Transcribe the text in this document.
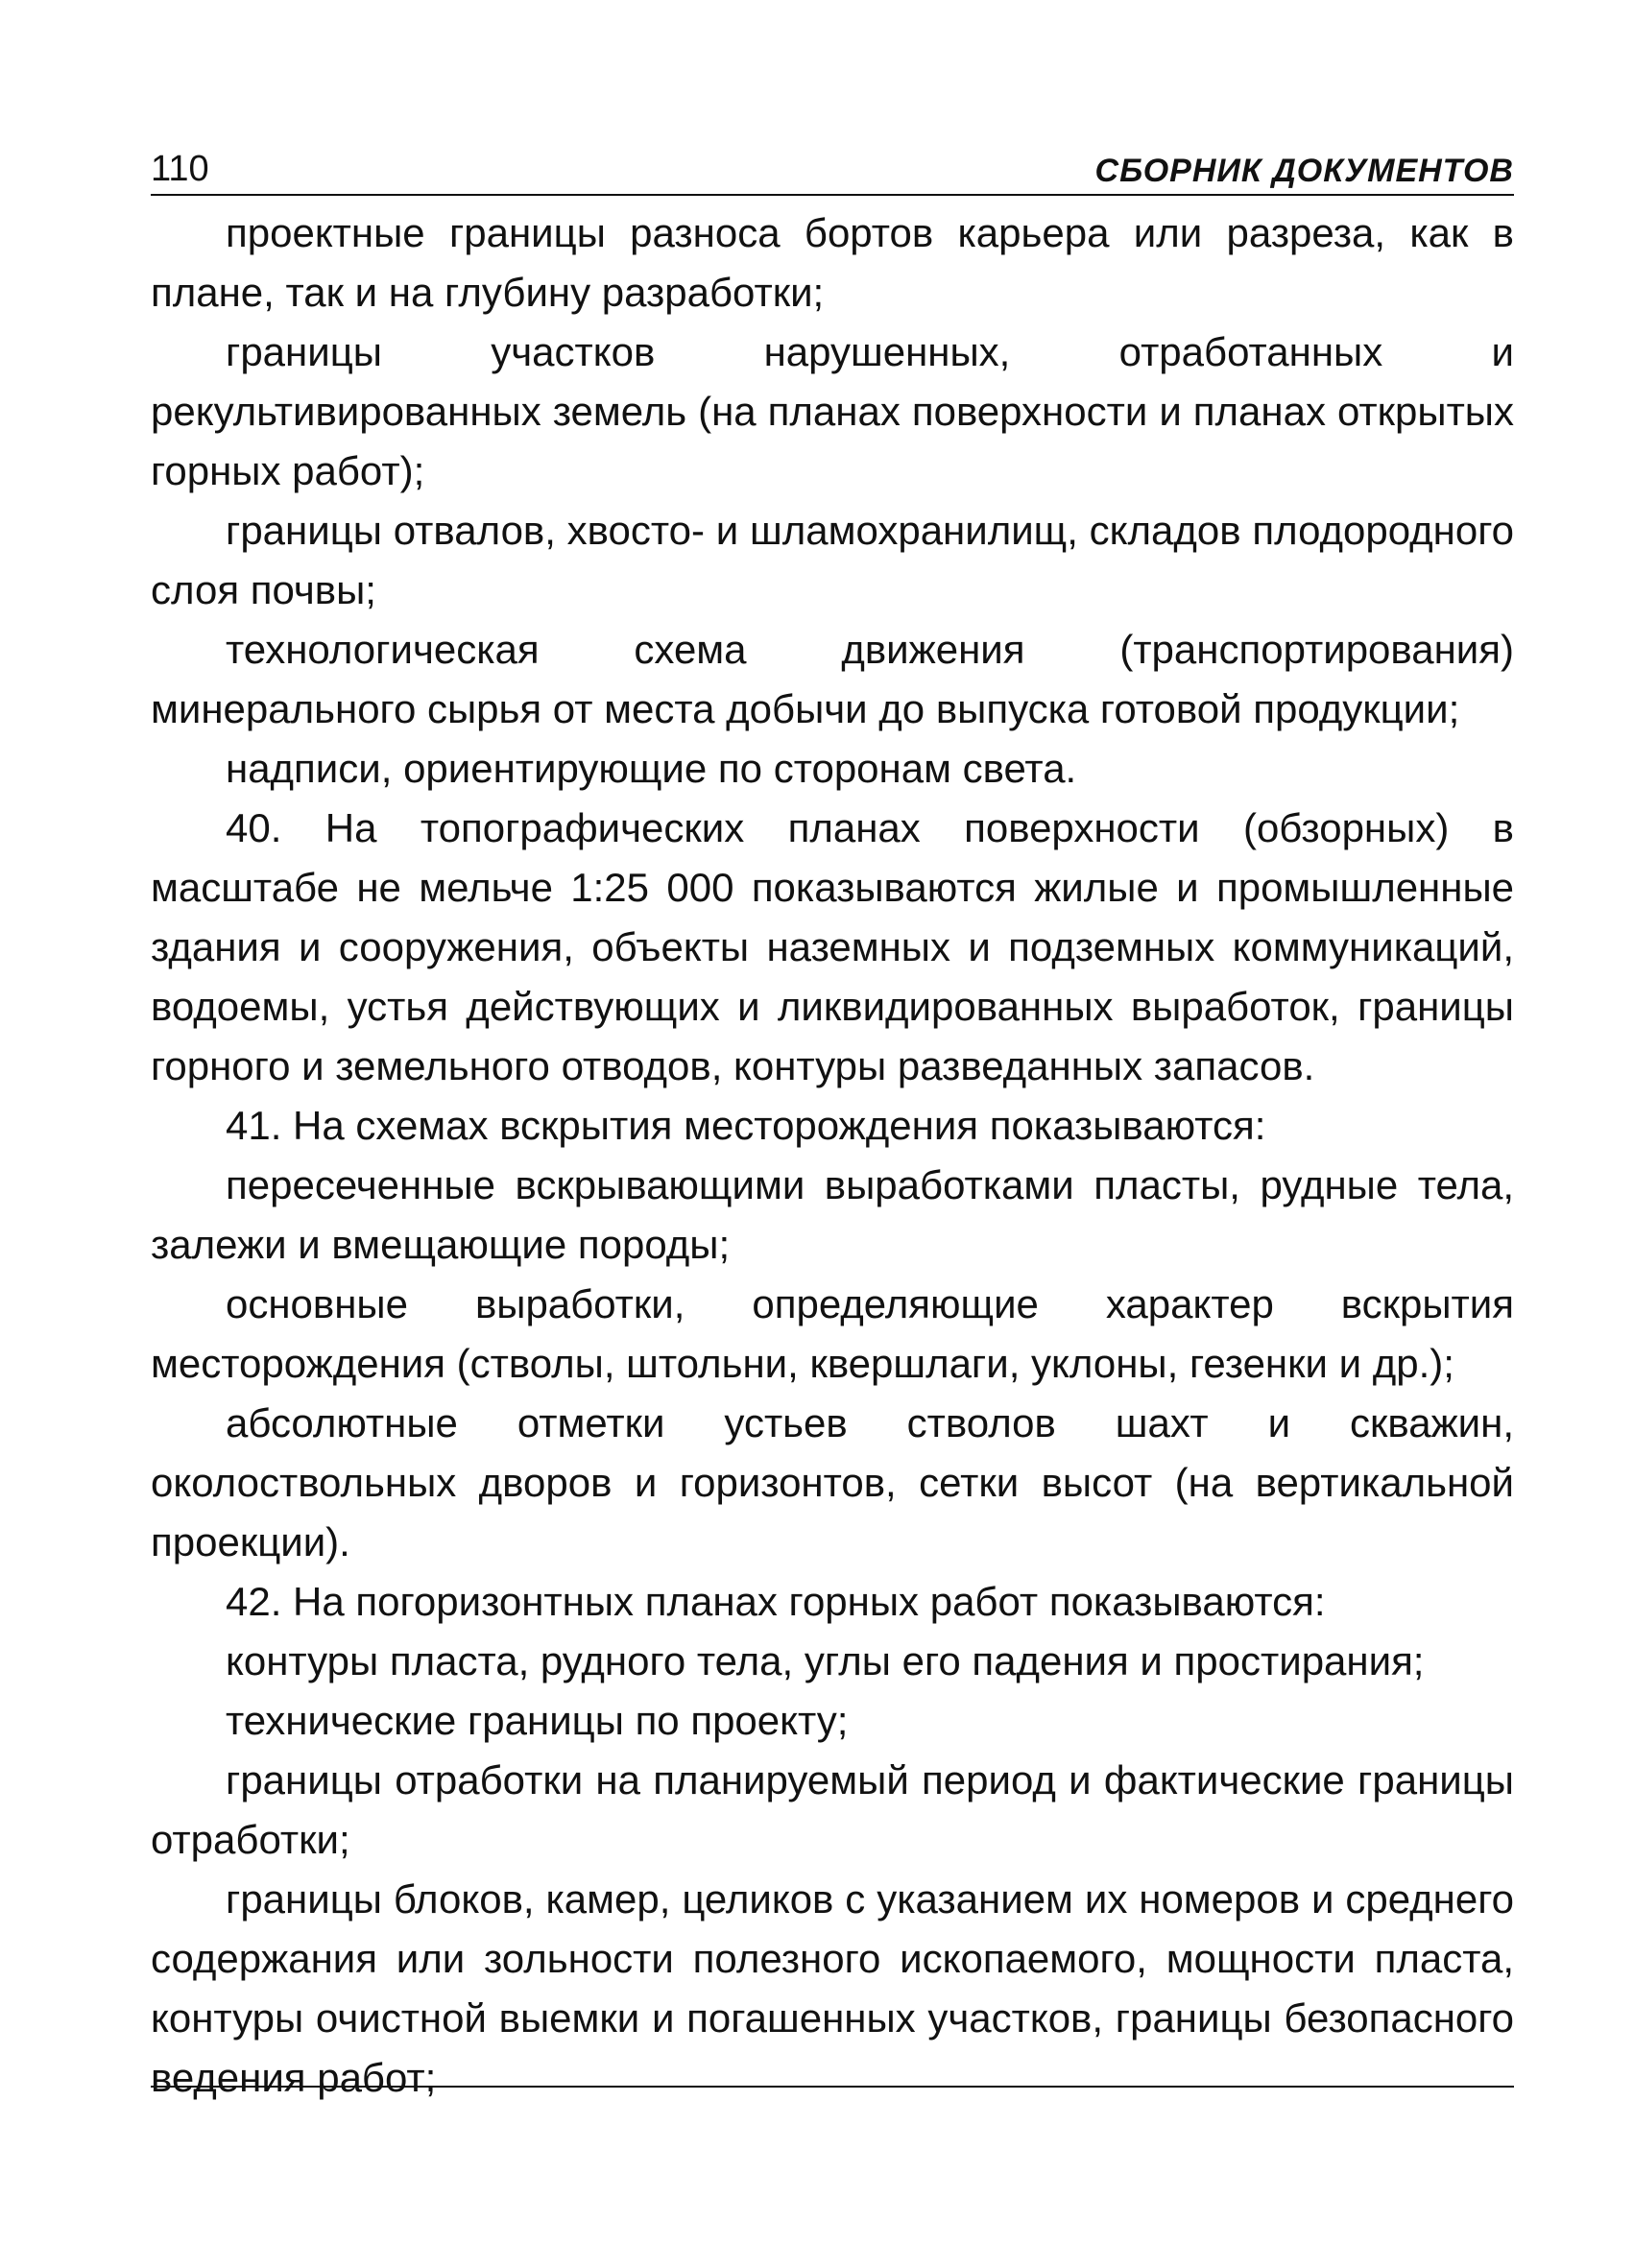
110	СБОРНИК ДОКУМЕНТОВ

проектные границы разноса бортов карьера или разреза, как в плане, так и на глубину разработки;

границы участков нарушенных, отработанных и рекультивированных земель (на планах поверхности и планах открытых горных работ);

границы отвалов, хвосто- и шламохранилищ, складов плодородного слоя почвы;

технологическая схема движения (транспортирования) минерального сырья от места добычи до выпуска готовой продукции;

надписи, ориентирующие по сторонам света.

40. На топографических планах поверхности (обзорных) в масштабе не мельче 1:25 000 показываются жилые и промышленные здания и сооружения, объекты наземных и подземных коммуникаций, водоемы, устья действующих и ликвидированных выработок, границы горного и земельного отводов, контуры разведанных запасов.

41. На схемах вскрытия месторождения показываются:

пересеченные вскрывающими выработками пласты, рудные тела, залежи и вмещающие породы;

основные выработки, определяющие характер вскрытия месторождения (стволы, штольни, квершлаги, уклоны, гезенки и др.);

абсолютные отметки устьев стволов шахт и скважин, околоствольных дворов и горизонтов, сетки высот (на вертикальной проекции).

42. На погоризонтных планах горных работ показываются:

контуры пласта, рудного тела, углы его падения и простирания;

технические границы по проекту;

границы отработки на планируемый период и фактические границы отработки;

границы блоков, камер, целиков с указанием их номеров и среднего содержания или зольности полезного ископаемого, мощности пласта, контуры очистной выемки и погашенных участков, границы безопасного ведения работ;
